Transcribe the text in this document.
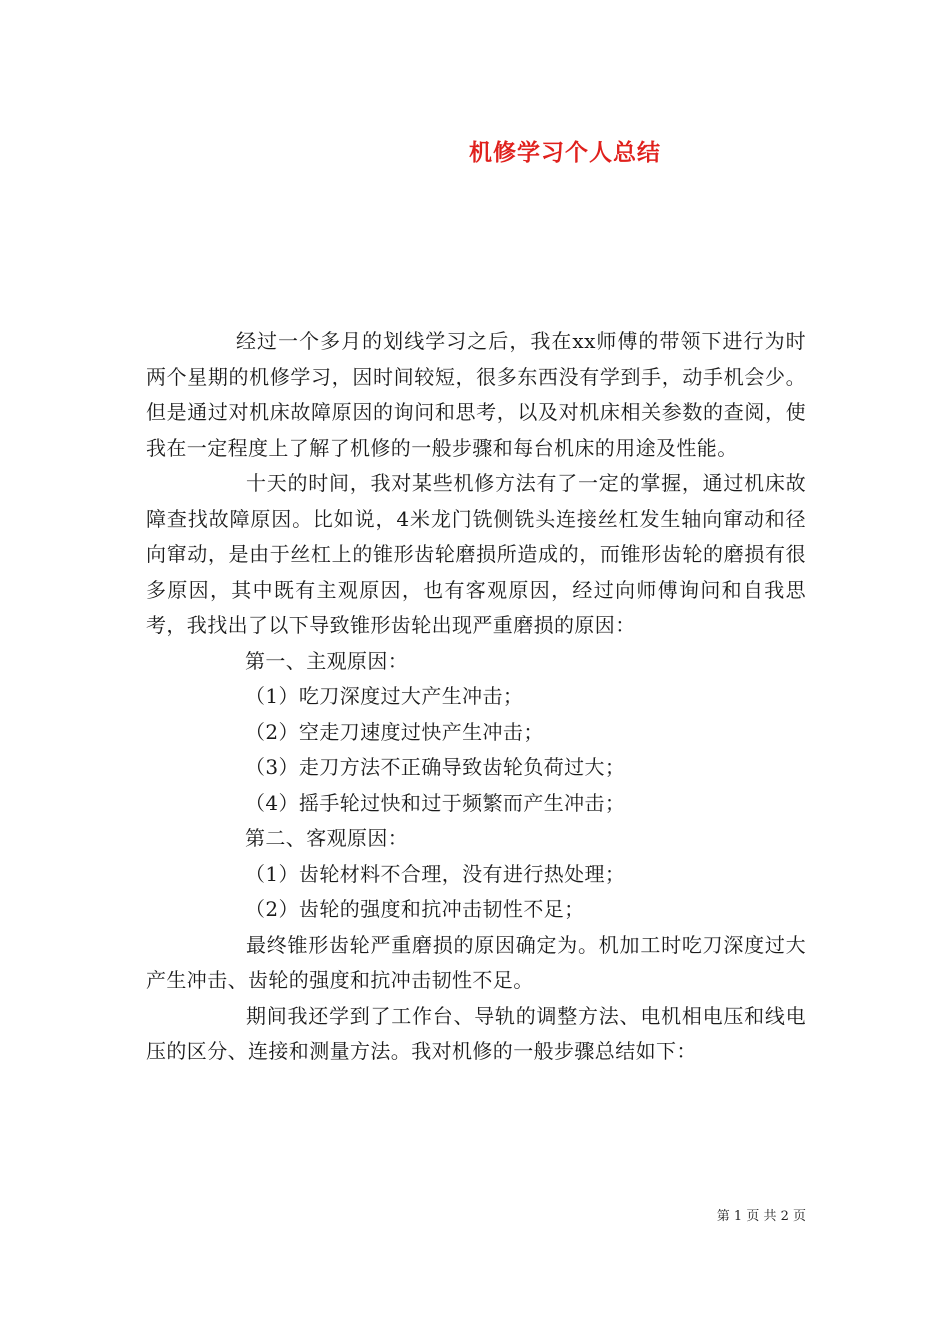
机修学习个人总结

经过一个多月的划线学习之后，我在xx师傅的带领下进行为时两个星期的机修学习，因时间较短，很多东西没有学到手，动手机会少。但是通过对机床故障原因的询问和思考，以及对机床相关参数的查阅，使我在一定程度上了解了机修的一般步骤和每台机床的用途及性能。

十天的时间，我对某些机修方法有了一定的掌握，通过机床故障查找故障原因。比如说，4米龙门铣侧铣头连接丝杠发生轴向窜动和径向窜动，是由于丝杠上的锥形齿轮磨损所造成的，而锥形齿轮的磨损有很多原因，其中既有主观原因，也有客观原因，经过向师傅询问和自我思考，我找出了以下导致锥形齿轮出现严重磨损的原因：

第一、主观原因：

（1）吃刀深度过大产生冲击；

（2）空走刀速度过快产生冲击；

（3）走刀方法不正确导致齿轮负荷过大；

（4）摇手轮过快和过于频繁而产生冲击；

第二、客观原因：

（1）齿轮材料不合理，没有进行热处理；

（2）齿轮的强度和抗冲击韧性不足；

最终锥形齿轮严重磨损的原因确定为。机加工时吃刀深度过大产生冲击、齿轮的强度和抗冲击韧性不足。

期间我还学到了工作台、导轨的调整方法、电机相电压和线电压的区分、连接和测量方法。我对机修的一般步骤总结如下：

第 1 页 共 2 页
